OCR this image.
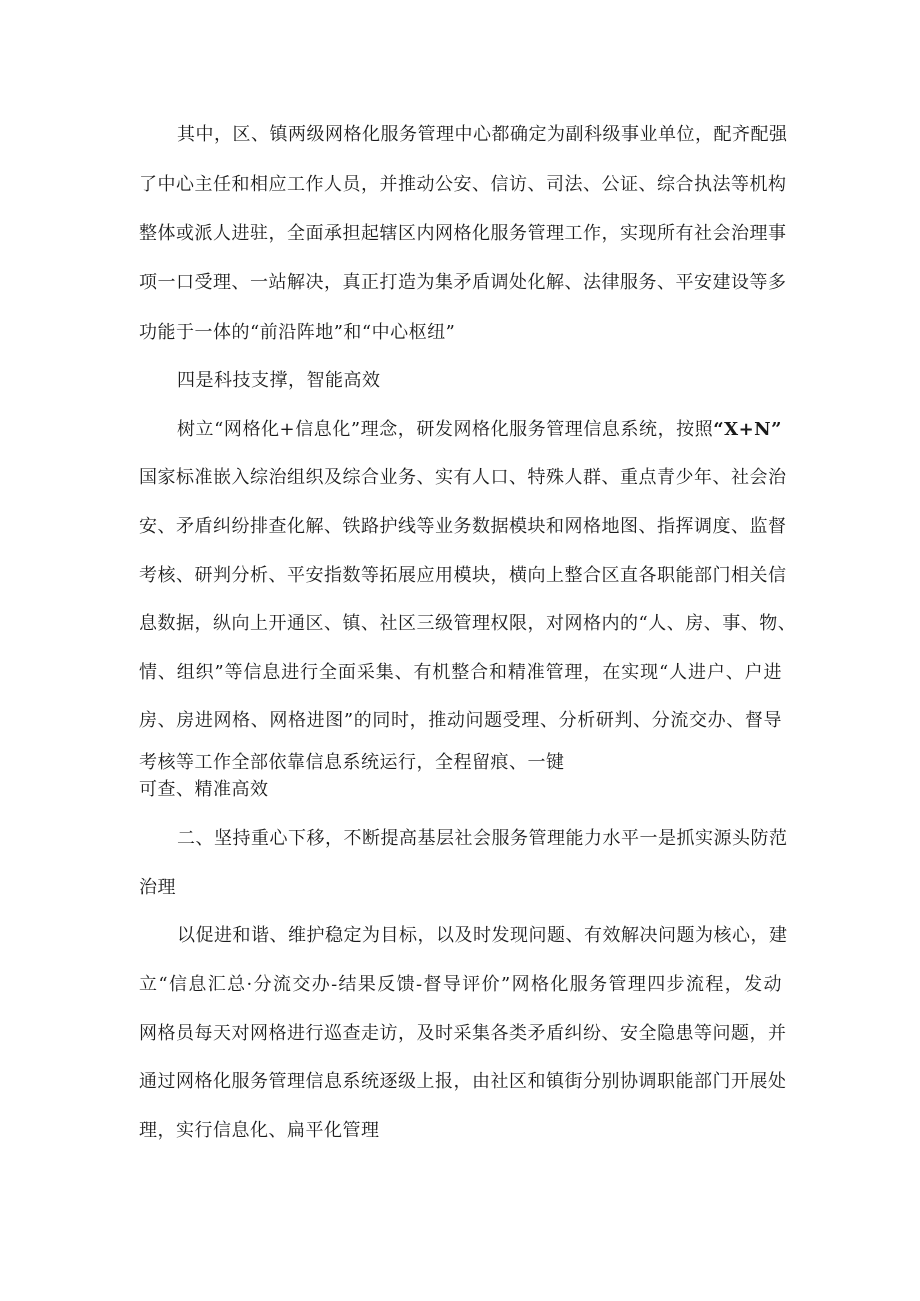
其中，区、镇两级网格化服务管理中心都确定为副科级事业单位，配齐配强
了中心主任和相应工作人员，并推动公安、信访、司法、公证、综合执法等机构
整体或派人进驻，全面承担起辖区内网格化服务管理工作，实现所有社会治理事
项一口受理、一站解决，真正打造为集矛盾调处化解、法律服务、平安建设等多
功能于一体的“前沿阵地”和“中心枢纽”
四是科技支撑，智能高效
树立“网格化+信息化”理念，研发网格化服务管理信息系统，按照“X+N”
国家标准嵌入综治组织及综合业务、实有人口、特殊人群、重点青少年、社会治
安、矛盾纠纷排查化解、铁路护线等业务数据模块和网格地图、指挥调度、监督
考核、研判分析、平安指数等拓展应用模块，横向上整合区直各职能部门相关信
息数据，纵向上开通区、镇、社区三级管理权限，对网格内的“人、房、事、物、
情、组织”等信息进行全面采集、有机整合和精准管理，在实现“人进户、户进
房、房进网格、网格进图”的同时，推动问题受理、分析研判、分流交办、督导
考核等工作全部依靠信息系统运行，全程留痕、一键
可查、精准高效
二、坚持重心下移，不断提高基层社会服务管理能力水平一是抓实源头防范
治理
以促进和谐、维护稳定为目标，以及时发现问题、有效解决问题为核心，建
立“信息汇总·分流交办-结果反馈-督导评价”网格化服务管理四步流程，发动
网格员每天对网格进行巡查走访，及时采集各类矛盾纠纷、安全隐患等问题，并
通过网格化服务管理信息系统逐级上报，由社区和镇街分别协调职能部门开展处
理，实行信息化、扁平化管理
